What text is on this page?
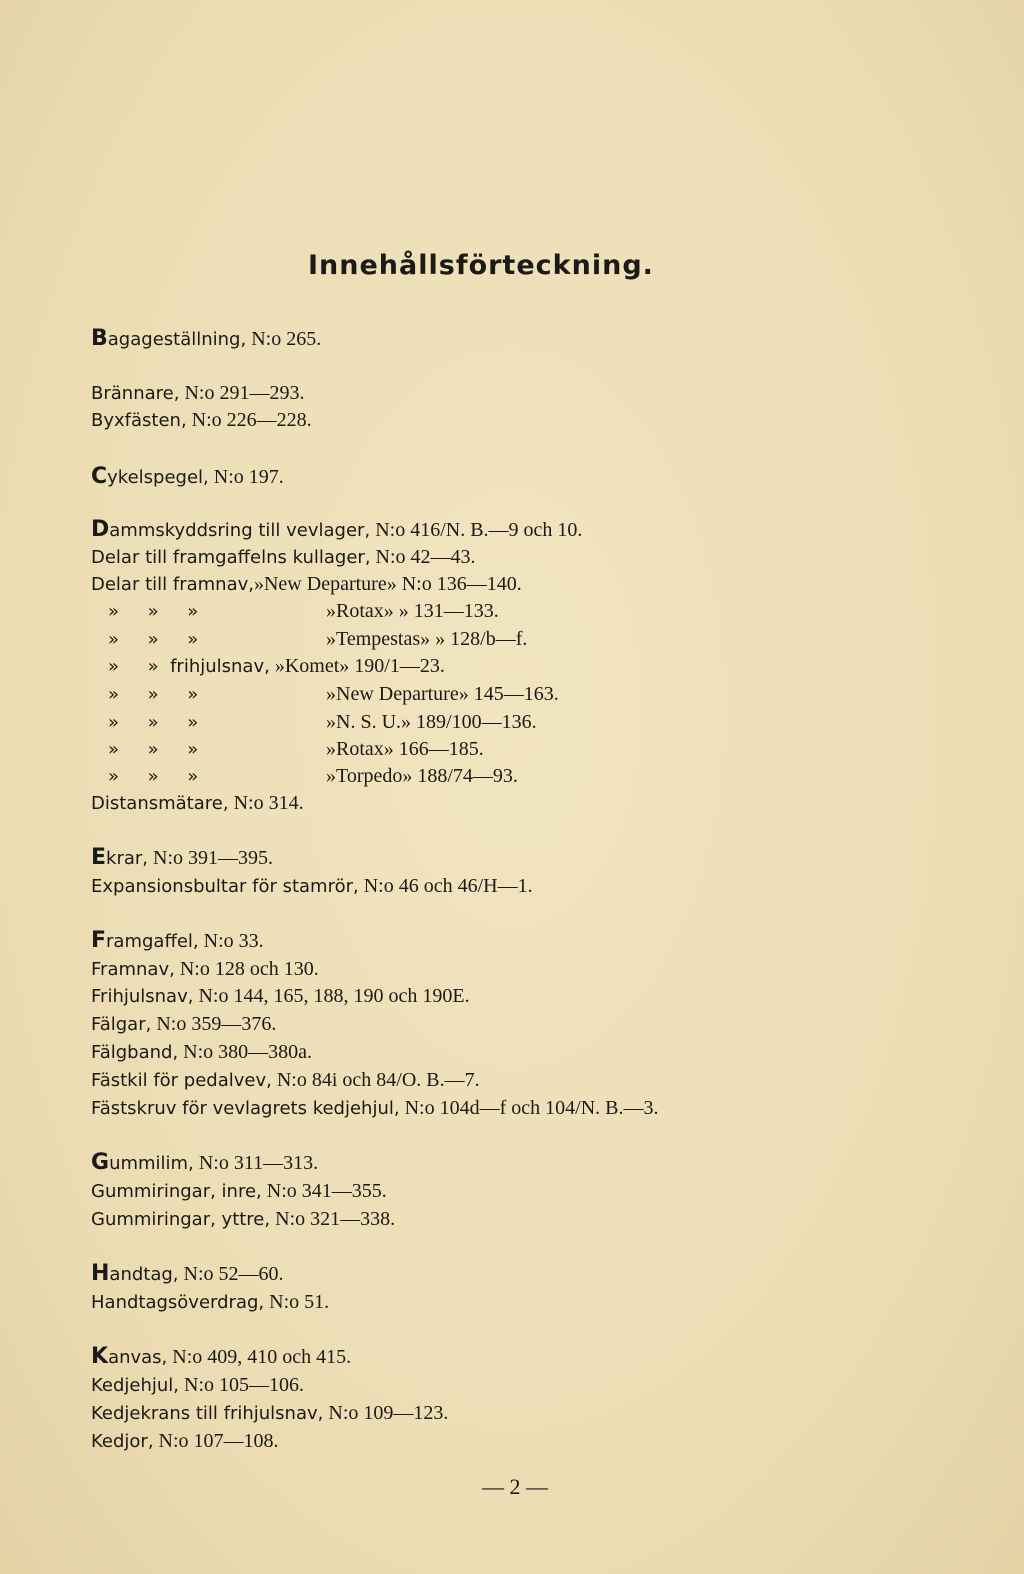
Innehållsförteckning.
Bagageställning, N:o 265.
Brännare, N:o 291—293.
Byxfästen, N:o 226—228.
Cykelspegel, N:o 197.
Dammskyddsring till vevlager, N:o 416/N. B.—9 och 10.
Delar till framgaffelns kullager, N:o 42—43.
Delar till framnav,»New Departure» N:o 136—140.
»     »     »	»Rotax» » 131—133.
»     »     »	»Tempestas» » 128/b—f.
»     »  frihjulsnav, »Komet» 190/1—23.
»     »     »	»New Departure» 145—163.
»     »     »	»N. S. U.» 189/100—136.
»     »     »	»Rotax» 166—185.
»     »     »	»Torpedo» 188/74—93.
Distansmätare, N:o 314.
Ekrar, N:o 391—395.
Expansionsbultar för stamrör, N:o 46 och 46/H—1.
Framgaffel, N:o 33.
Framnav, N:o 128 och 130.
Frihjulsnav, N:o 144, 165, 188, 190 och 190E.
Fälgar, N:o 359—376.
Fälgband, N:o 380—380a.
Fästkil för pedalvev, N:o 84i och 84/O. B.—7.
Fästskruv för vevlagrets kedjehjul, N:o 104d—f och 104/N. B.—3.
Gummilim, N:o 311—313.
Gummiringar, inre, N:o 341—355.
Gummiringar, yttre, N:o 321—338.
Handtag, N:o 52—60.
Handtagsöverdrag, N:o 51.
Kanvas, N:o 409, 410 och 415.
Kedjehjul, N:o 105—106.
Kedjekrans till frihjulsnav, N:o 109—123.
Kedjor, N:o 107—108.
— 2 —
